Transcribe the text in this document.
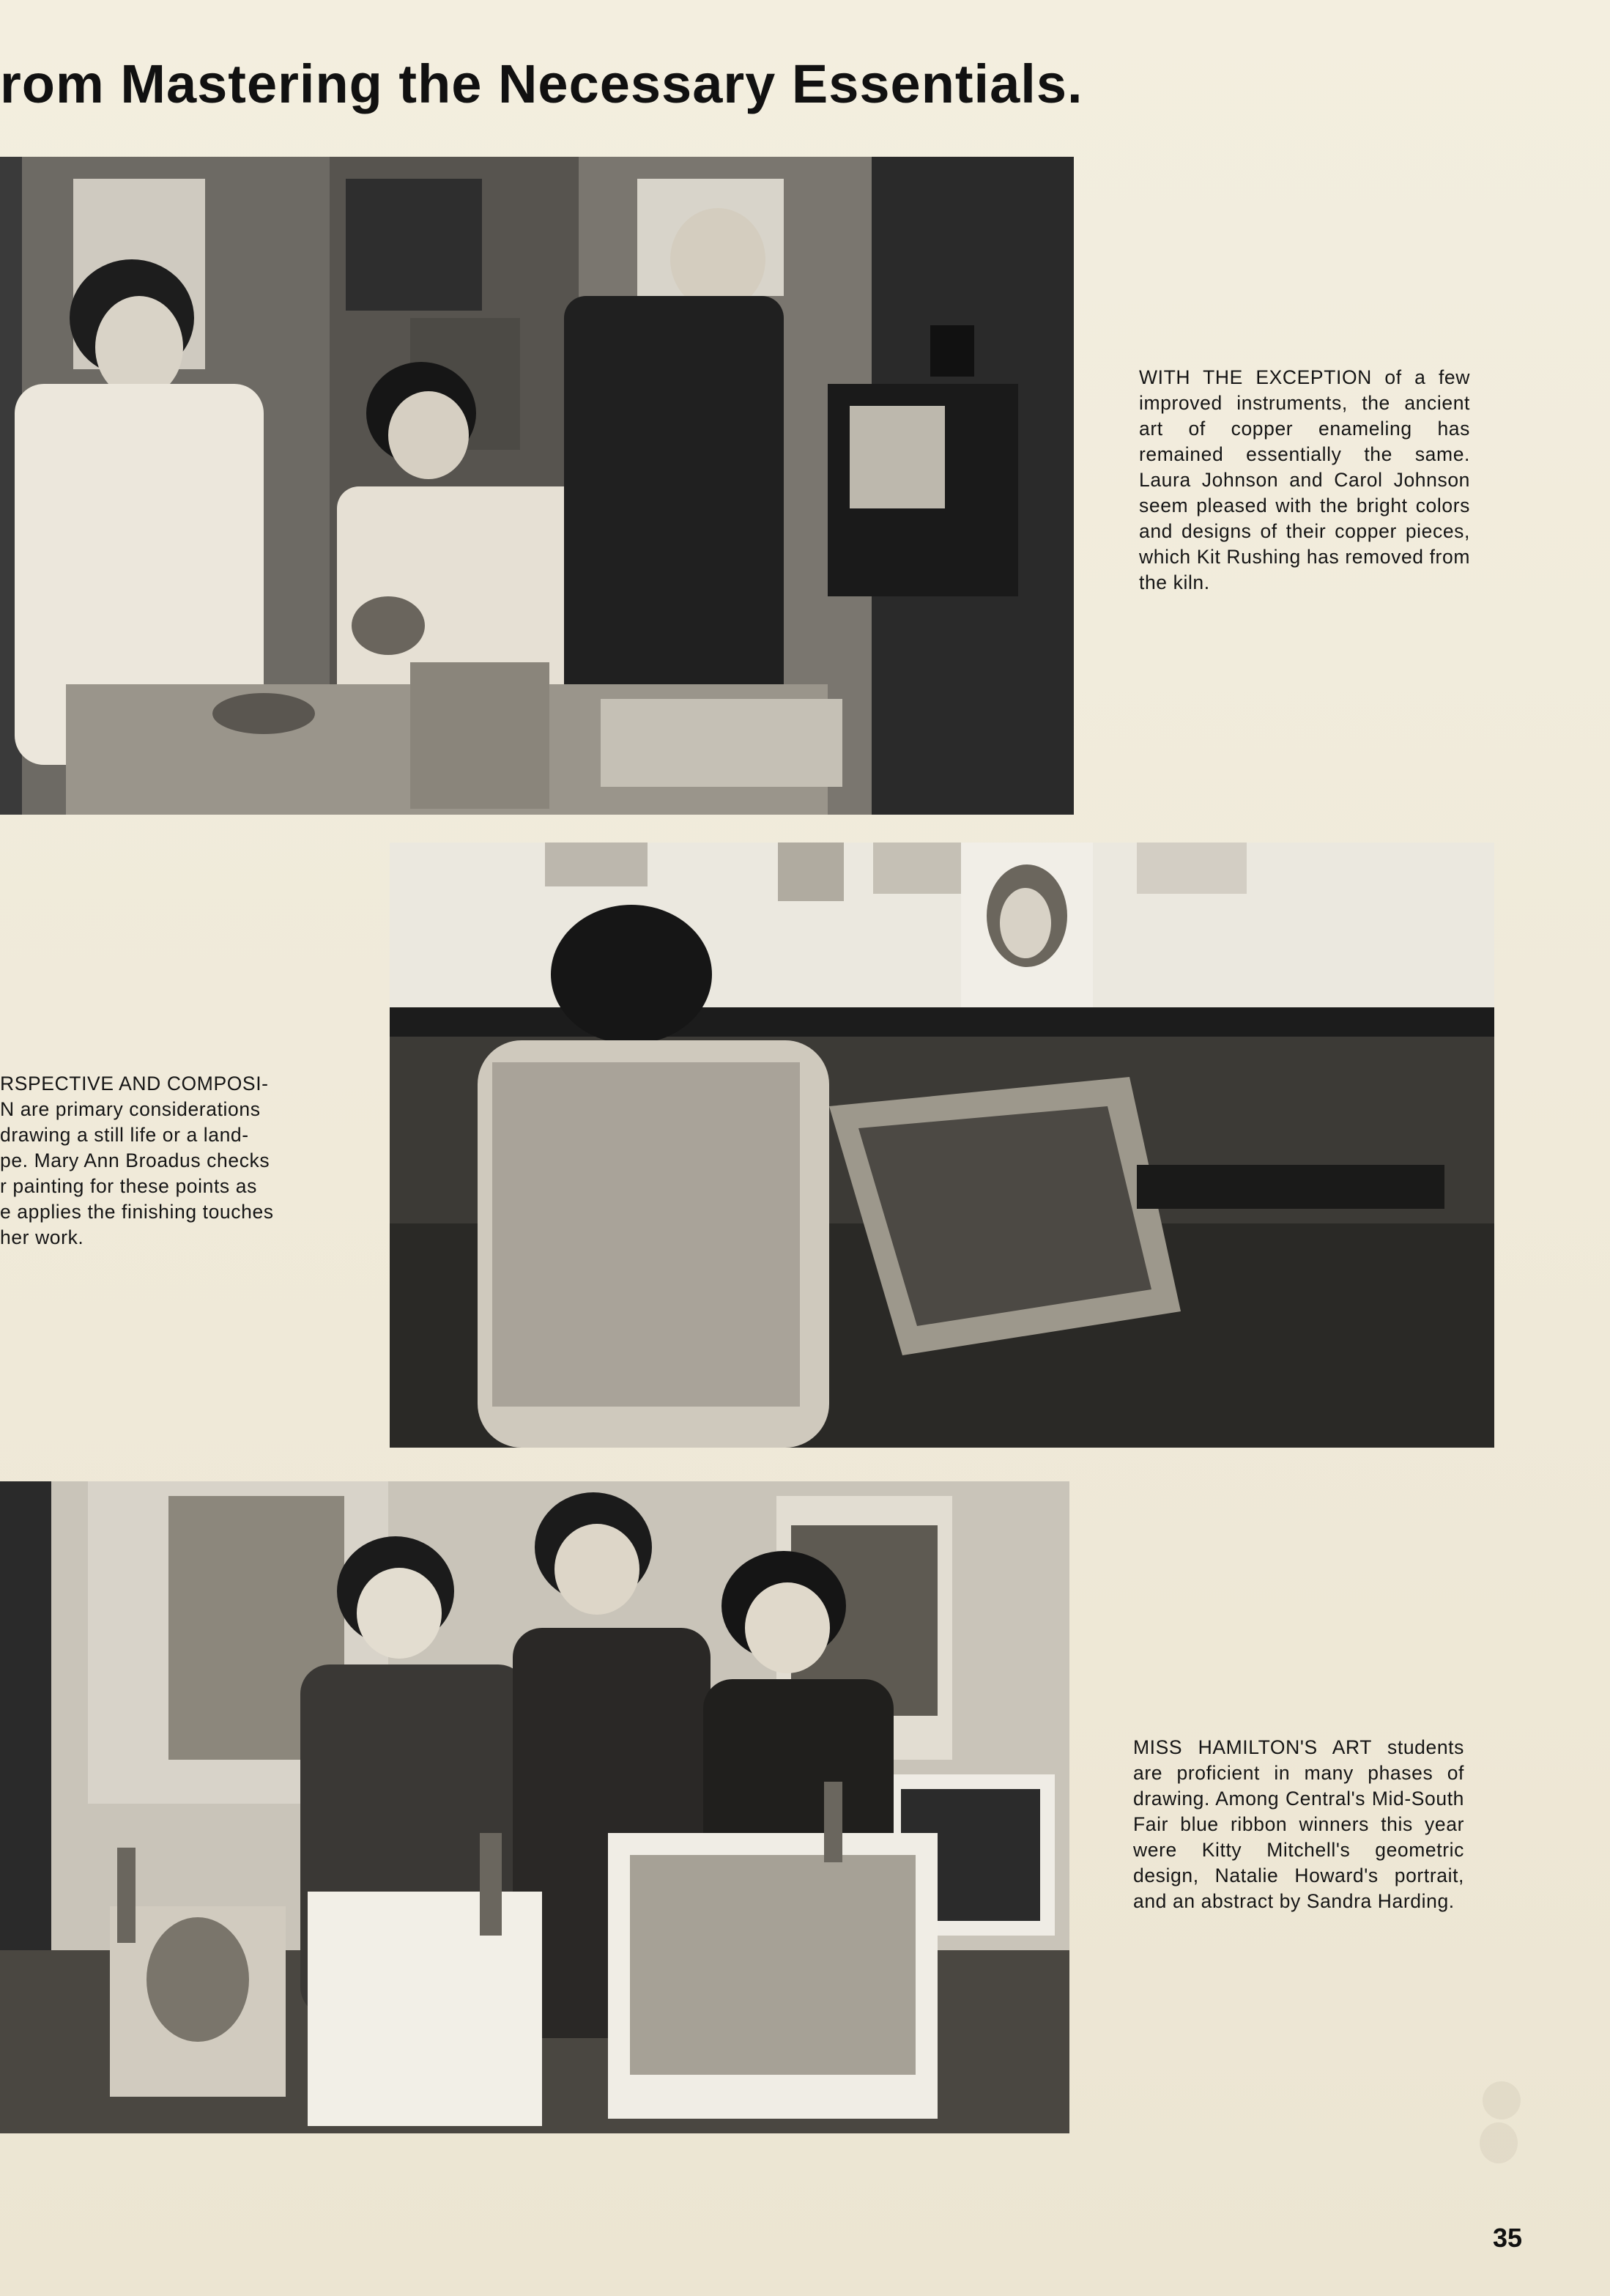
rom Mastering the Necessary Essentials.

WITH THE EXCEPTION of a few improved instruments, the ancient art of copper enameling has remained essentially the same. Laura Johnson and Carol Johnson seem pleased with the bright colors and designs of their copper pieces, which Kit Rushing has removed from the kiln.

RSPECTIVE AND COMPOSI-
N are primary considerations drawing a still life or a land-
pe. Mary Ann Broadus checks
r painting for these points as
e applies the finishing touches
her work.

MISS HAMILTON'S ART students are proficient in many phases of drawing. Among Central's Mid-South Fair blue ribbon winners this year were Kitty Mitchell's geometric design, Natalie Howard's portrait, and an abstract by Sandra Harding.

35
